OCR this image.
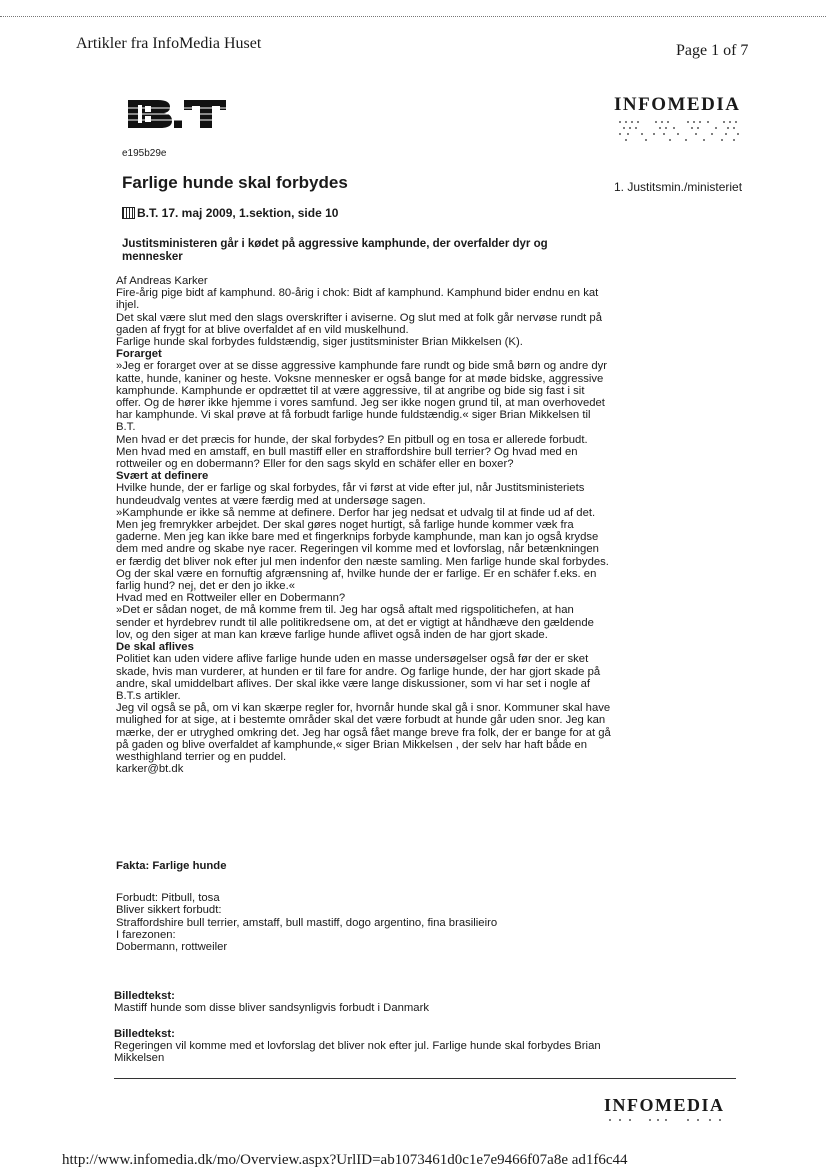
Artikler fra InfoMedia Huset	Page 1 of 7
INFOMEDIA
e195b29e
Farlige hunde skal forbydes	1. Justitsmin./ministeriet
B.T. 17. maj 2009, 1.sektion, side 10
Justitsministeren går i kødet på aggressive kamphunde, der overfalder dyr og mennesker

Af Andreas Karker

Fire-årig pige bidt af kamphund. 80-årig i chok: Bidt af kamphund. Kamphund bider endnu en kat ihjel.

Det skal være slut med den slags overskrifter i aviserne. Og slut med at folk går nervøse rundt på gaden af frygt for at blive overfaldet af en vild muskelhund.

Farlige hunde skal forbydes fuldstændig, siger justitsminister Brian Mikkelsen (K).

Forarget

»Jeg er forarget over at se disse aggressive kamphunde fare rundt og bide små børn og andre dyr katte, hunde, kaniner og heste. Voksne mennesker er også bange for at møde bidske, aggressive kamphunde. Kamphunde er opdrættet til at være aggressive, til at angribe og bide sig fast i sit offer. Og de hører ikke hjemme i vores samfund. Jeg ser ikke nogen grund til, at man overhovedet har kamphunde. Vi skal prøve at få forbudt farlige hunde fuldstændig.« siger Brian Mikkelsen til B.T.

Men hvad er det præcis for hunde, der skal forbydes? En pitbull og en tosa er allerede forbudt.

Men hvad med en amstaff, en bull mastiff eller en straffordshire bull terrier? Og hvad med en rottweiler og en dobermann? Eller for den sags skyld en schäfer eller en boxer?

Svært at definere

Hvilke hunde, der er farlige og skal forbydes, får vi først at vide efter jul, når Justitsministeriets hundeudvalg ventes at være færdig med at undersøge sagen.

»Kamphunde er ikke så nemme at definere. Derfor har jeg nedsat et udvalg til at finde ud af det. Men jeg fremrykker arbejdet. Der skal gøres noget hurtigt, så farlige hunde kommer væk fra gaderne. Men jeg kan ikke bare med et fingerknips forbyde kamphunde, man kan jo også krydse dem med andre og skabe nye racer. Regeringen vil komme med et lovforslag, når betænkningen er færdig det bliver nok efter jul men indenfor den næste samling. Men farlige hunde skal forbydes. Og der skal være en fornuftig afgrænsning af, hvilke hunde der er farlige. Er en schäfer f.eks. en farlig hund? nej, det er den jo ikke.«

Hvad med en Rottweiler eller en Dobermann?

»Det er sådan noget, de må komme frem til. Jeg har også aftalt med rigspolitichefen, at han sender et hyrdebrev rundt til alle politikredsene om, at det er vigtigt at håndhæve den gældende lov, og den siger at man kan kræve farlige hunde aflivet også inden de har gjort skade.

De skal aflives

Politiet kan uden videre aflive farlige hunde uden en masse undersøgelser også før der er sket skade, hvis man vurderer, at hunden er til fare for andre. Og farlige hunde, der har gjort skade på andre, skal umiddelbart aflives. Der skal ikke være lange diskussioner, som vi har set i nogle af B.T.s artikler.

Jeg vil også se på, om vi kan skærpe regler for, hvornår hunde skal gå i snor. Kommuner skal have mulighed for at sige, at i bestemte områder skal det være forbudt at hunde går uden snor. Jeg kan mærke, der er utryghed omkring det. Jeg har også fået mange breve fra folk, der er bange for at gå på gaden og blive overfaldet af kamphunde,« siger Brian Mikkelsen , der selv har haft både en westhighland terrier og en puddel.

karker@bt.dk

Fakta: Farlige hunde

Forbudt: Pitbull, tosa

Bliver sikkert forbudt:

Straffordshire bull terrier, amstaff, bull mastiff, dogo argentino, fina brasilieiro

I farezonen:

Dobermann, rottweiler

Billedtekst:

Mastiff hunde som disse bliver sandsynligvis forbudt i Danmark

Billedtekst:

Regeringen vil komme med et lovforslag det bliver nok efter jul. Farlige hunde skal forbydes Brian Mikkelsen

INFOMEDIA
http://www.infomedia.dk/mo/Overview.aspx?UrlID=ab1073461d0c1e7e9466f07a8e ad1f6c44
